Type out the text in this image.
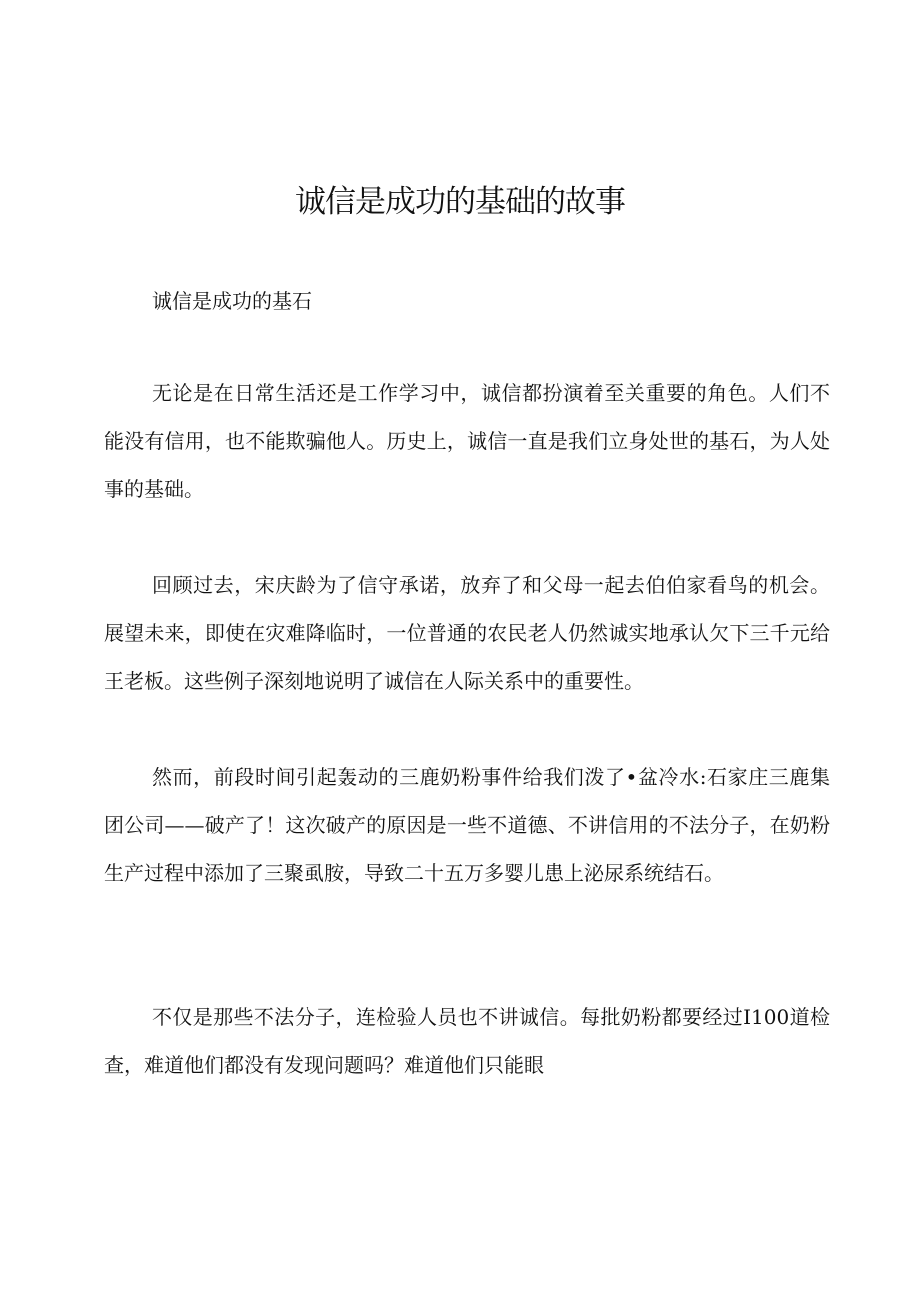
诚信是成功的基础的故事

诚信是成功的基石

无论是在日常生活还是工作学习中，诚信都扮演着至关重要的角色。人们不能没有信用，也不能欺骗他人。历史上，诚信一直是我们立身处世的基石，为人处事的基础。

回顾过去，宋庆龄为了信守承诺，放弃了和父母一起去伯伯家看鸟的机会。展望未来，即使在灾难降临时，一位普通的农民老人仍然诚实地承认欠下三千元给王老板。这些例子深刻地说明了诚信在人际关系中的重要性。

然而，前段时间引起轰动的三鹿奶粉事件给我们泼了•盆冷水:石家庄三鹿集团公司——破产了！这次破产的原因是一些不道德、不讲信用的不法分子，在奶粉生产过程中添加了三聚虱胺，导致二十五万多婴儿患上泌尿系统结石。

不仅是那些不法分子，连检验人员也不讲诚信。每批奶粉都要经过I100道检查，难道他们都没有发现问题吗？难道他们只能眼
